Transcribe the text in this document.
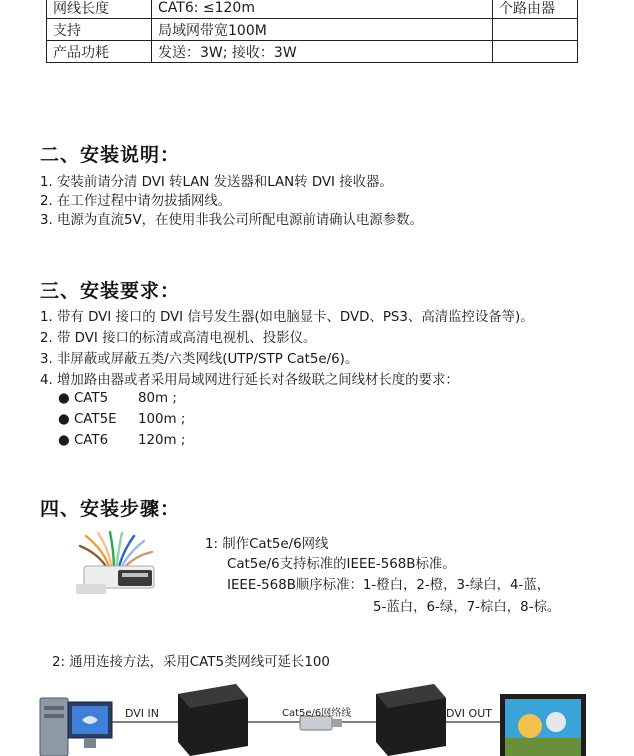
网线长度	CAT6: ≤120m	个路由器
支持	局域网带宽100M	
产品功耗	发送：3W; 接收：3W	
二、安装说明：
1. 安装前请分清 DVI 转LAN 发送器和LAN转 DVI 接收器。
2. 在工作过程中请勿拔插网线。
3. 电源为直流5V，在使用非我公司所配电源前请确认电源参数。
三、安装要求：
1. 带有 DVI 接口的 DVI 信号发生器(如电脑显卡、DVD、PS3、高清监控设备等)。
2. 带 DVI 接口的标清或高清电视机、投影仪。
3. 非屏蔽或屏蔽五类/六类网线(UTP/STP Cat5e/6)。
4. 增加路由器或者采用局域网进行延长对各级联之间线材长度的要求：
● CAT5 80m ;
● CAT5E 100m ;
● CAT6 120m ;
四、安装步骤：
1: 制作Cat5e/6网线
Cat5e/6支持标准的IEEE-568B标准。
IEEE-568B顺序标准：1-橙白，2-橙，3-绿白，4-蓝，
5-蓝白，6-绿，7-棕白，8-棕。
2: 通用连接方法，采用CAT5类网线可延长100
DVI IN	Cat5e/6网络线	DVI OUT
